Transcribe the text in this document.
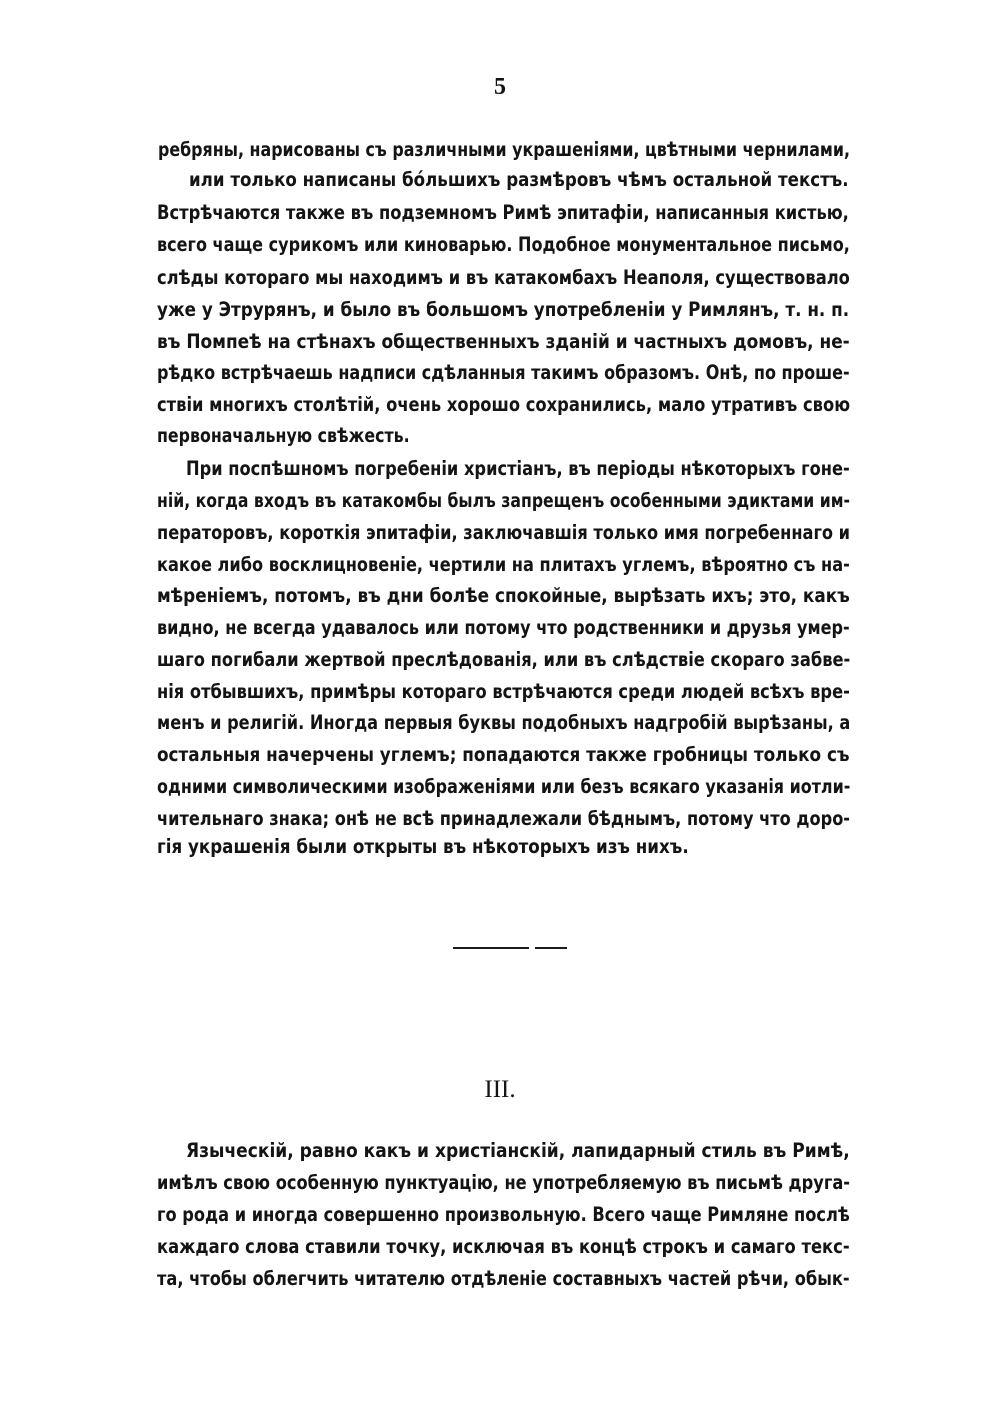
5
ребряны, нарисованы съ различными украшеніями, цвѣтными чернилами,
или только написаны бóльшихъ размѣровъ чѣмъ остальной текстъ.
Встрѣчаются также въ подземномъ Римѣ эпитафіи, написанныя кистью,
всего чаще сурикомъ или киноварью. Подобное монументальное письмо,
слѣды котораго мы находимъ и въ катакомбахъ Неаполя, существовало
уже у Этрурянъ, и было въ большомъ употребленіи у Римлянъ, т. н. п.
въ Помпеѣ на стѣнахъ общественныхъ зданій и частныхъ домовъ, не-
рѣдко встрѣчаешь надписи сдѣланныя такимъ образомъ. Онѣ, по проше-
ствіи многихъ столѣтій, очень хорошо сохранились, мало утративъ свою
первоначальную свѣжесть.
При поспѣшномъ погребеніи христіанъ, въ періоды нѣкоторыхъ гоне-
ній, когда входъ въ катакомбы былъ запрещенъ особенными эдиктами им-
ператоровъ, короткія эпитафіи, заключавшія только имя погребеннаго и
какое либо восклицновеніе, чертили на плитахъ углемъ, вѣроятно съ на-
мѣреніемъ, потомъ, въ дни болѣе спокойные, вырѣзать ихъ; это, какъ
видно, не всегда удавалось или потому что родственники и друзья умер-
шаго погибали жертвой преслѣдованія, или въ слѣдствіе скораго забве-
нія отбывшихъ, примѣры котораго встрѣчаются среди людей всѣхъ вре-
менъ и религій. Иногда первыя буквы подобныхъ надгробій вырѣзаны, а
остальныя начерчены углемъ; попадаются также гробницы только съ
одними символическими изображеніями или безъ всякаго указанія иотли-
чительнаго знака; онѣ не всѣ принадлежали бѣднымъ, потому что доро-
гія украшенія были открыты въ нѣкоторыхъ изъ нихъ.
III.
Языческій, равно какъ и христіанскій, лапидарный стиль въ Римѣ,
имѣлъ свою особенную пунктуацію, не употребляемую въ письмѣ друга-
го рода и иногда совершенно произвольную. Всего чаще Римляне послѣ
каждаго слова ставили точку, исключая въ концѣ строкъ и самаго текс-
та, чтобы облегчить читателю отдѣленіе составныхъ частей рѣчи, обык-
